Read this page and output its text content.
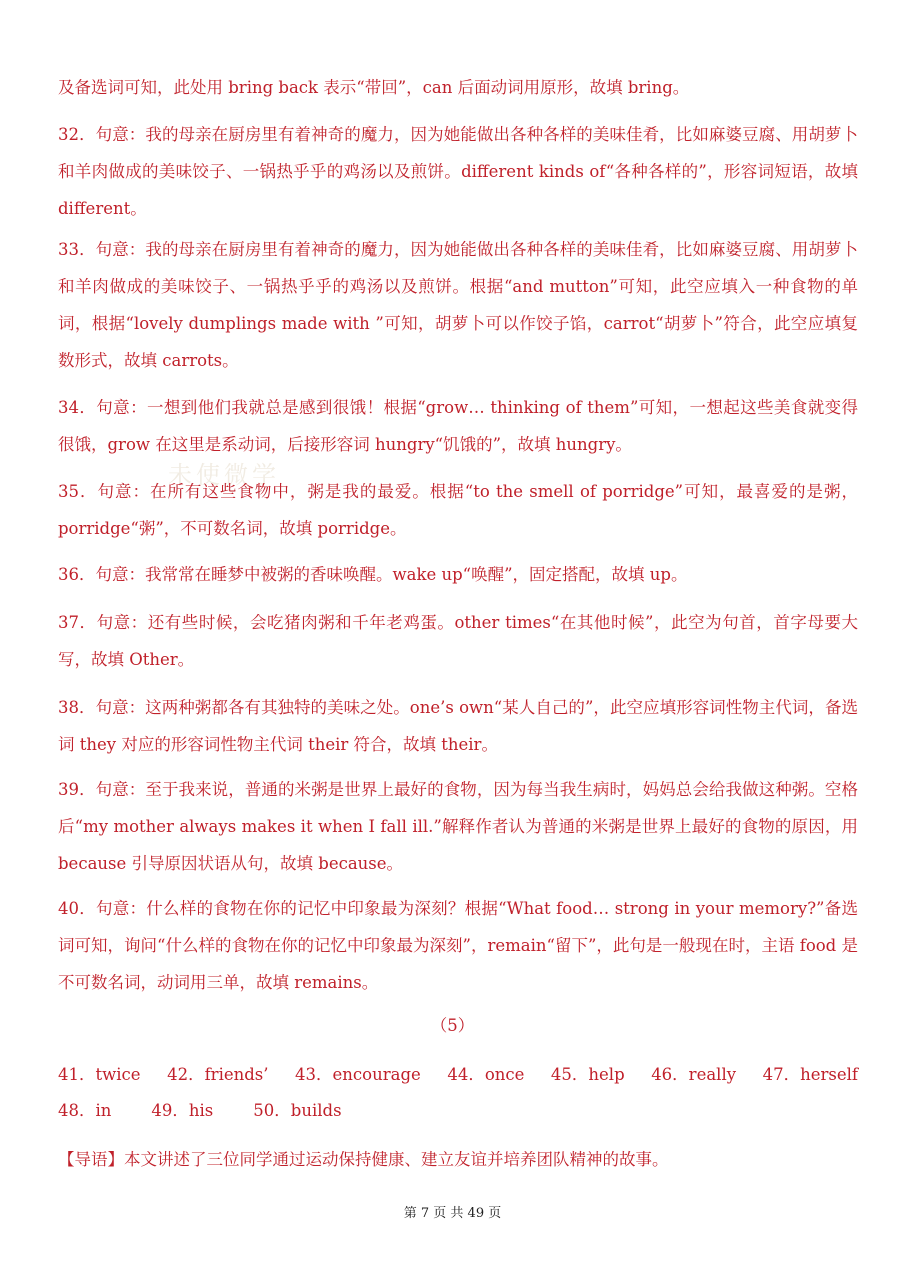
未使微学

及备选词可知，此处用 bring back 表示“带回”，can 后面动词用原形，故填 bring。

32．句意：我的母亲在厨房里有着神奇的魔力，因为她能做出各种各样的美味佳肴，比如麻婆豆腐、用胡萝卜和羊肉做成的美味饺子、一锅热乎乎的鸡汤以及煎饼。different kinds of“各种各样的”，形容词短语，故填 different。

33．句意：我的母亲在厨房里有着神奇的魔力，因为她能做出各种各样的美味佳肴，比如麻婆豆腐、用胡萝卜和羊肉做成的美味饺子、一锅热乎乎的鸡汤以及煎饼。根据“and mutton”可知，此空应填入一种食物的单词，根据“lovely dumplings made with ”可知，胡萝卜可以作饺子馅，carrot“胡萝卜”符合，此空应填复数形式，故填 carrots。

34．句意：一想到他们我就总是感到很饿！根据“grow… thinking of them”可知，一想起这些美食就变得很饿，grow 在这里是系动词，后接形容词 hungry“饥饿的”，故填 hungry。

35．句意：在所有这些食物中，粥是我的最爱。根据“to the smell of porridge”可知，最喜爱的是粥，porridge“粥”，不可数名词，故填 porridge。

36．句意：我常常在睡梦中被粥的香味唤醒。wake up“唤醒”，固定搭配，故填 up。

37．句意：还有些时候，会吃猪肉粥和千年老鸡蛋。other times“在其他时候”，此空为句首，首字母要大写，故填 Other。

38．句意：这两种粥都各有其独特的美味之处。one’s own“某人自己的”，此空应填形容词性物主代词，备选词 they 对应的形容词性物主代词 their 符合，故填 their。

39．句意：至于我来说，普通的米粥是世界上最好的食物，因为每当我生病时，妈妈总会给我做这种粥。空格后“my mother always makes it when I fall ill.”解释作者认为普通的米粥是世界上最好的食物的原因，用 because 引导原因状语从句，故填 because。

40．句意：什么样的食物在你的记忆中印象最为深刻？根据“What food… strong in your memory?”备选词可知，询问“什么样的食物在你的记忆中印象最为深刻”，remain“留下”，此句是一般现在时，主语 food 是不可数名词，动词用三单，故填 remains。

（5）
41．twice 42．friends’ 43．encourage 44．once 45．help 46．really 47．herself
48．in 49．his 50．builds

【导语】本文讲述了三位同学通过运动保持健康、建立友谊并培养团队精神的故事。

第 7 页 共 49 页
